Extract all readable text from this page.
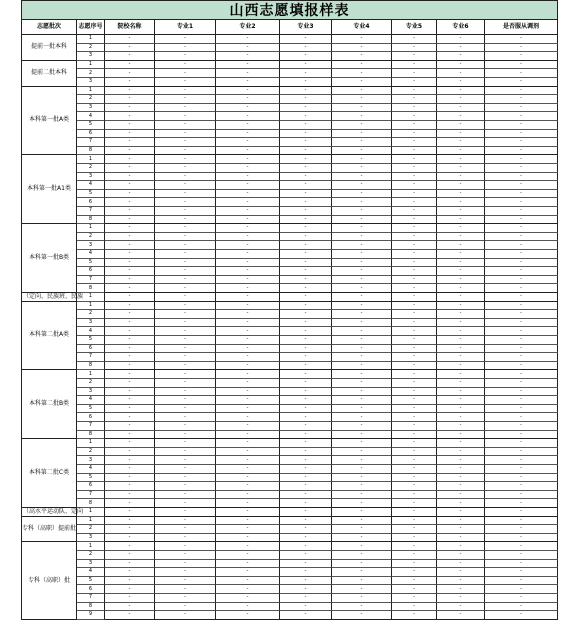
山西志愿填报样表
志愿批次	志愿序号	院校名称	专业1	专业2	专业3	专业4	专业5	专业6	是否服从调剂
提前一批本科
1	-	-	-	-	-	-	-	-
2	-	-	-	-	-	-	-	-
3	-	-	-	-	-	-	-	-
提前二批本科
1	-	-	-	-	-	-	-	-
2	-	-	-	-	-	-	-	-
3	-	-	-	-	-	-	-	-
本科第一批A类
1	-	-	-	-	-	-	-	-
2	-	-	-	-	-	-	-	-
3	-	-	-	-	-	-	-	-
4	-	-	-	-	-	-	-	-
5	-	-	-	-	-	-	-	-
6	-	-	-	-	-	-	-	-
7	-	-	-	-	-	-	-	-
8	-	-	-	-	-	-	-	-
本科第一批A1类
1	-	-	-	-	-	-	-	-
2	-	-	-	-	-	-	-	-
3	-	-	-	-	-	-	-	-
4	-	-	-	-	-	-	-	-
5	-	-	-	-	-	-	-	-
6	-	-	-	-	-	-	-	-
7	-	-	-	-	-	-	-	-
8	-	-	-	-	-	-	-	-
本科第一批B类
1	-	-	-	-	-	-	-	-
2	-	-	-	-	-	-	-	-
3	-	-	-	-	-	-	-	-
4	-	-	-	-	-	-	-	-
5	-	-	-	-	-	-	-	-
6	-	-	-	-	-	-	-	-
7	-	-	-	-	-	-	-	-
8	-	-	-	-	-	-	-	-
（定向、民族班、民族	1	-	-	-	-	-	-	-	-
本科第二批A类
1	-	-	-	-	-	-	-	-
2	-	-	-	-	-	-	-	-
3	-	-	-	-	-	-	-	-
4	-	-	-	-	-	-	-	-
5	-	-	-	-	-	-	-	-
6	-	-	-	-	-	-	-	-
7	-	-	-	-	-	-	-	-
8	-	-	-	-	-	-	-	-
本科第二批B类
1	-	-	-	-	-	-	-	-
2	-	-	-	-	-	-	-	-
3	-	-	-	-	-	-	-	-
4	-	-	-	-	-	-	-	-
5	-	-	-	-	-	-	-	-
6	-	-	-	-	-	-	-	-
7	-	-	-	-	-	-	-	-
8	-	-	-	-	-	-	-	-
本科第二批C类
1	-	-	-	-	-	-	-	-
2	-	-	-	-	-	-	-	-
3	-	-	-	-	-	-	-	-
4	-	-	-	-	-	-	-	-
5	-	-	-	-	-	-	-	-
6	-	-	-	-	-	-	-	-
7	-	-	-	-	-	-	-	-
8	-	-	-	-	-	-	-	-
（高水平运动队、定向	1	-	-	-	-	-	-	-	-
专科（高职）提前批
1	-	-	-	-	-	-	-	-
2	-	-	-	-	-	-	-	-
3	-	-	-	-	-	-	-	-
专科（高职）批
1	-	-	-	-	-	-	-	-
2	-	-	-	-	-	-	-	-
3	-	-	-	-	-	-	-	-
4	-	-	-	-	-	-	-	-
5	-	-	-	-	-	-	-	-
6	-	-	-	-	-	-	-	-
7	-	-	-	-	-	-	-	-
8	-	-	-	-	-	-	-	-
9	-	-	-	-	-	-	-	-
